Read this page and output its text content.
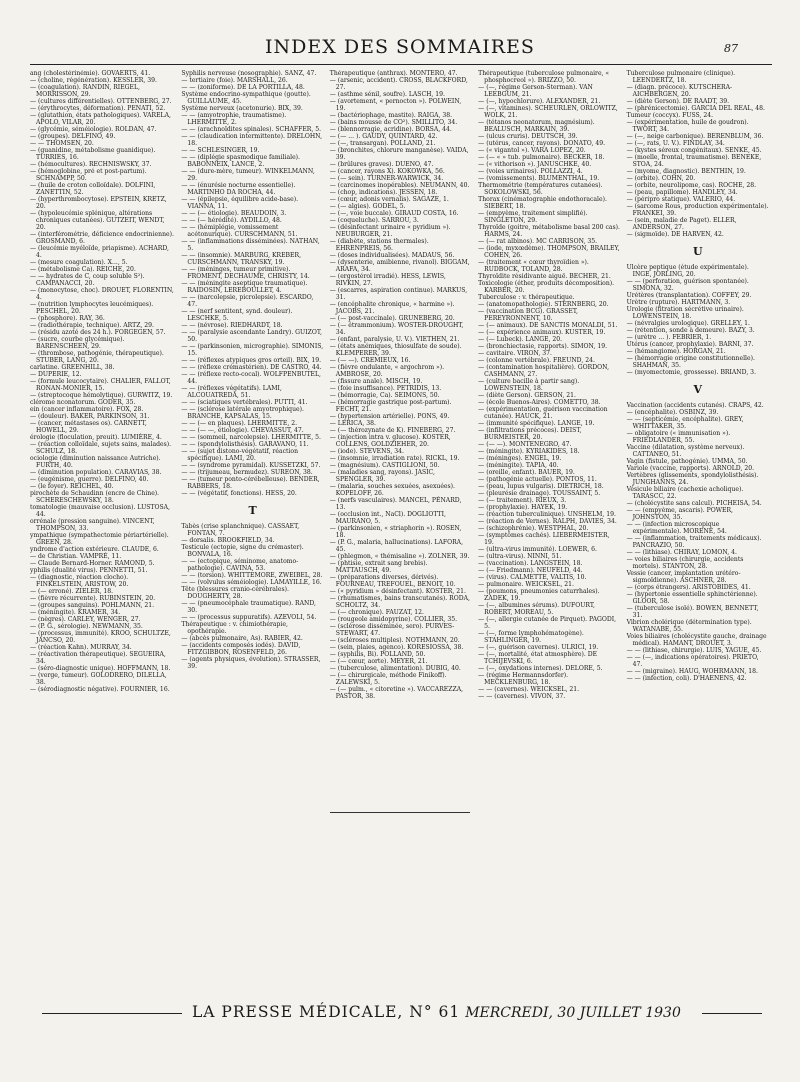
INDEX DES SOMMAIRES	87

ang (cholestérinémie). GOVAERTS, 41.

— (choline, régénération). KESSLER, 39.

— (coagulation). RANDIN, RIEGEL, MORRISSON, 29.

— (cultures différentielles). OTTENBERG, 27.

— (érythrocytes, déformation). PENATI, 52.

— (glutathion, états pathologiques). VARELA, APOLO, VILAR, 20.

— (glycémie, séméiologie). ROLDAN, 47.

— (groupes). DELFINO, 49.

— — THOMSEN, 20.

— (guanidine, métabolisme guanidique). TURRIES, 16.

— (hémocultures). RECHNISWSKY, 37.

— (hémoglobine, pré et post-partum). SCHNAMPP, 50.

— (huile de croton colloïdale). DOLFINI, ZANETTIN, 52.

— (hyperthrombocytose). EPSTEIN, KRETZ, 20.

— (hypoleucémie splénique, altérations chroniques cutanées). GUTZEIT, WENDT, 20.

— (interférométrie, déficience endocrinienne). GROSMAND, 6.

— (leucémie myéloïde, priapisme). ACHARD, 4.

— (mesure coagulation). X..., 5.

— (métabolisme Ca). REICHE, 20.

— — hydrates de C, coup soluble S²). CAMPANACCI, 20.

— (monocytose, choc). DROUET, FLORENTIN, 4.

— (nutrition lymphocytes leucémiques). PESCHEL, 20.

— (phosphore). RAY, 36.

— (radiothérapie, technique). ARTZ, 29.

— (résidu azoté des 24 h.). FORGEGEN, 57.

— (sucre, courbe glycémique). BARENSCHEEN, 29.

— (thrombose, pathogénie, thérapeutique). STUBER, LANG, 20.

carlatine. GREENHILL, 38.

— DUPERIE, 12.

— (formule leucocytaire). CHALIER, FALLOT, RONAN-MONIER, 15.

— (streptocoque hémolytique). GURWITZ, 19.

clérome nconatorum. GODER, 35.

ein (cancer inflammatoire). FOX, 28.

— (douleur). BAKER, PARKINSON, 31.

— (cancer, métastases os). CARNETT, HOWELL, 29.

érologie (floculation, preuit). LUMIÈRE, 4.

— (réaction colloïdale, sujets sains, malades). SCHULZ, 18.

ociologie (diminution naissance Autriche). FURTH, 40.

— (diminution population). CARAVIAS, 38.

— (eugénisme, guerre). DELFINO, 40.

— (le foyer). REICHEL, 40.

pirochète de Schaudinn (encre de Chine). SCHERESCHEWSKY, 18.

tomatologie (mauvaise occlusion). LUSTOSA, 44.

orrénale (pression sanguine). VINCENT, THOMPSON, 33.

ympathique (sympathectomie périartérielle). GREEN, 28.

yndrome d'action extérieure. CLAUDE, 6.

— de Christian. VAMPRÉ, 11.

— Claude Bernard-Horner. RAMOND, 5.

yphilis (dualité virus). PENNETTI, 51.

— (diagnostic, réaction clocho). FINKELSTEIN, ARISTOW, 20.

— (— erroné). ZIELER, 18.

— (fièvre récurrente). RUBINSTEIN, 20.

— (groupes sanguins). POHLMANN, 21.

— (méningite). KRAMER, 34.

— (nègres). CARLEY, WENGER, 27.

— (P. G., sérologie). NEWMANN, 35.

— (processus, immunité). KROO, SCHULTZE, JANCSO, 20.

— (réaction Kahn). MURRAY, 34.

— (réactivation thérapeutique). SEGUEIRA, 34.

— (séro-diagnostic unique). HOFFMANN, 18.

— (verge, tumeur). GOLODRERO, DILELLA, 38.

— (sérodiagnostic négative). FOURNIER, 16.

Syphilis nerveuse (nosographie). SANZ, 47.

— tertiaire (foie). MARSHALL, 26.

— — (zoniforme). DE LA PORTILLA, 48.

Système endocrino-sympathique (goutte). GUILLAUME, 45.

Système nerveux (acetonurie). BIX, 39.

— — (amyotrophie, traumatisme). LHERMITTE, 2.

— — (arachnoïdites spinales). SCHAFFER, 5.

— — (claudication intermittente). DRELOHN, 18.

— — SCHLESINGER, 19.

— — (diplégie spasmodique familiale). BABONNEIX, LANCE, 2.

— — (dure-mère, tumeur). WINKELMANN, 29.

— — (énurésie nocturne essentielle). MARTINHO DA ROCHA, 44.

— — (épilepsie, équilibre acide-base). VIANNA, 11.

— — (— étiologie). BEAUDOIN, 3.

— — (— hérédité). AYDILLO, 48.

— — (hémiplégie, vomissement acétonurique). CURSCHMANN, 51.

— — (inflammations disséminées). NATHAN, 5.

— — (insomnie). MARBURG, KREBER, CURSCHMANN, TRANSKY, 19.

— — (méninges, tumeur primitive). FROMENT, DECHAUME, CHRISTY, 14.

— — (méningite aseptique traumatique). RAIDOSIN, LEREBOULLET, 4.

— — (narcolepsie, picrolepsie). ESCARDO, 47.

— — (nerf sentitent, synd. douleur). LESCHKE, 5.

— — (névrose). RIEDHARDT, 18.

— — (paralysie ascendante Landry). GUIZOT, 50.

— — (parkinsonien, micrographie). SIMONIS, 15.

— — (réflexes atypiques gros orteil). BIX, 19.

— — (réflexe crémastérien). DE CASTRO, 44.

— — (réflexe recto-cocal). WOLFPENBUTEL, 44.

— — (réflexes végétatifs). LAMI, ALCOUATREDA, 51.

— — (sciatiques vertébrales). PUTTI, 41.

— — (sclérose latérale amyotrophique). BRANCHE, KAPSALAS, 15.

— — (— en plaques). LHERMITTE, 2.

— — (— —, étiologie). CHEVASSUT, 47.

— — (sommeil, narcolepsie). LHERMITTE, 5.

— — (spondylolisthésis). GARAVANO, 11.

— — (sujet distono-végétatif, réaction spécifique). LAMI, 20.

— — (syndrome pyramidal). KUSSETZKI, 57.

— — (trijumeau, bermudez). SUREON, 38.

— — (tumeur ponto-cérébelleuse). BENDER, RABBERS, 18.

— — (végétatif, fonctions). HESS, 20.

T

Tabès (crise splanchnique). CASSAET, FONTAN, 7.

— dorsalis. BROOKFIELD, 34.

Testicule (ectopie, signe du crémaster). BONVALA, 16.

— — (ectopique, séminome, anatomo-pathologie). CAVINA, 53.

— — (torsion). WHITTEMORE, ZWEIBEL, 28.

— — (volvulus séméiologie). LAMAYILLE, 16.

Tête (blessures cranio-cérébrales). DOUGHERTY, 28.

— — (pneumocéphale traumatique). RAND, 30.

— — (processus suppuratifs). AZEVOLI, 54.

Thérapeutique : v. chimiothérapie, opothérapie.

— (abcès pulmonaire, As). RABIER, 42.

— (accidents composés iodés). DAVID, FITZGIBBON, ROSENFELD, 26.

— (agents physiques, évolution). STRASSER, 39.

Thérapeutique (anthrax). MONTERO, 47.

— (arsenic, accident). CROSS, BLACKFORD, 27.

— (asthme sénil, soufre). LASCH, 19.

— (avortement, « pernocton »). POLWEIN, 19.

— (bactériophage, mastite). RAIGA, 38.

— (bains mousse de CO²). SMILLITO, 34.

— (blennorragie, acridine). BORSA, 44.

— (— ... ). GAUDY, QUINTARD, 42.

— (—, transargan). POLLAND, 21.

— (bronchites, chlorure manganèse). VAIDA, 39.

— (brûlures graves). DUENO, 47.

— (cancer, rayons X). KOKOWKA, 56.

— (— sein). TURNER-WARWICK, 34.

— (carcinomes inopérables). NEUMANN, 40.

— (chop, indications). JESSEN, 18.

— (cœur, adonis vernalis). SAGAZE, 1.

— (— algies). GODEL, 5.

— (—, voie buccale). GIRAUD COSTA, 16.

— (coqueluche). SARROU, 3.

— (désinfectant urinaire « pyridium »). NEUBURGER, 21.

— (diabète, stations thermales). EHRENPREIS, 56.

— (doses individualisées). MADAUS, 56.

— (dysenterie, amibienne, rivanol). BIGGAM, ARAFA, 34.

— (ergostérol irradié). HESS, LEWIS, RIVKIN, 27.

— (escarres, aspiration continue). MARKUS, 31.

— (encéphalite chronique, « harmine »). JACOBS, 21.

— (— post-vaccinale). GRUNEBERG, 20.

— (— étrammonium). WOSTER-DROUGHT, 34.

— (enfant, paralysie, U. V.). VIETHEN, 21.

— (états anémiques, thiosulfate de soude). KLEMPERER, 39.

— (— —). CREMIEUX, 16.

— (fièvre ondulante, « argochrom »). AMBROSE, 20.

— (fissure anale). MISCH, 19.

— (foie insuffisance). PETRIDIS, 13.

— (hémorragie, Ca). SEIMONS, 50.

— (hémorragie gastrique post-partum). FECHT, 21.

— (hypertension artérielle). PONS, 49.

— LERICA, 38.

— (— thérozynate de K). FINEBERG, 27.

— (injection intra v. glucose). KOSTER, COLLENS, GOLDZIEHER, 20.

— (iode). STEVENS, 34.

— (insomnie, irradiation rate). RICKL, 19.

— (magnésium). CASTIGLIONI, 50.

— (maladies sang, rayons). JASIC, SPENGLER, 39.

— (malaria, souches sexuées, asexuées). KOPELOFF, 26.

— (nerfs vasculaires). MANCEL, PÉNARD, 13.

— (occlusion int., NaCl). DOGLIOTTI, MAURANO, 5.

— (parkinsonien, « striaphorin »). ROSEN, 18.

— (P. G., malaria, hallucinations). LAFORA, 45.

— (phlegmon, « thémisaline »). ZOLNER, 39.

— (phtisie, extrait sang brebis). MATTAUSCH, 49.

— (préparations diverses, dérivés). FOURNEAU, TREFOUEL, BENOIT, 10.

— (« pyridium » désinfectant). KOSTER, 21.

— (rhumatismes, bains transcutanés). RODA, SCHOLTZ, 34.

— (— chronique). FAUZAT, 12.

— (rougeole amidopyrine). COLLIER, 35.

— (sclérose disséminée, sero). PURVES-STEWART, 47.

— (scléroses multiples). NOTHMANN, 20.

— (sein, plaies, agenco). KORESIOSSA, 38.

— (syphilis, Bi). POLLAND, 50.

— (— cœur, aorte). MEYER, 21.

— (tuberculose, alimentation). DUBIG, 40.

— (— chirurgicale, méthode Finikoff). ZALEWSKI, 5.

— (— pulm., « citoretine »). VACCAREZZA, PASTOR, 38.

Thérapeutique (tuberculose pulmonaire, « phosphocreol »). BRIZZO, 50.

— (—, régime Gerson-Sterman). VAN LEEBGUM, 21.

— (—, hypochlorure). ALEXANDER, 21.

— (—, vitamines). SCHEURLEN, ORLOWITZ, WOLK, 21.

— (tétanos neonatorum, magnésium). BEALUSCH, MARKAIN, 39.

— (ulcus cruris). DEUTSCH, 39.

— (utérus, cancer, rayons). DONATO, 49.

— (« vigantol »). VARA LOPEZ, 20.

— (— « » tub. pulmonaire). BECKER, 18.

— (« vithorison »). JANUSCHKE, 40.

— (voies urinaires). POLLAZZI, 4.

— (vomissements). BLUMENTHAL, 19.

Thermométrie (températures cutanées). SOKOLOWSKI, 56.

Thorax (cinématographie endothoracale). SIEBERT, 18.

— (empyème, traitement simplifié). SINGLETON, 29.

Thyroïde (goitre, métabolisme basal 200 cas). HARMS, 24.

— (— rat albinos). MC CARRISON, 35.

— (iode, myxœdème). THOMPSON, BRAILEY, COHEN, 26.

— (traitement « cœur thyroïdien »). RUDBOCK, TOLAND, 28.

Thyroïdite résidivante aiguë. BECHER, 21.

Toxicologie (éther, produits décomposition). KARBER, 20.

Tuberculose : v. thérapeutique.

— (anatomopathologie). STERNBERG, 20.

— (vaccination BCG). GRASSET, PEREYRONNENT, 10.

— (— animaux). DE SANCTIS MONALDI, 51.

— (— expérience animaux). KUSTER, 19.

— (— Lubeck). LANGE, 20.

— (bronchiectasie, rapports). SIMON, 19.

— cavitaire. VIRON, 37.

— (colonne vertébrale). FREUND, 24.

— (contamination hospitalière). GORDON, CASHMANN, 27.

— (culture bacille à partir sang). LOWENSTEIN, 18.

— (diète Gerson). GERSON, 21.

— (école Buenos-Aires). COMETTO, 38.

— (expérimentation, guérison vaccination cutanée). HAUCK, 21.

— (immunité spécifique). LANGE, 19.

— (infiltrations précoces). DEIST, BURMEISTER, 20.

— (— —). MONTENEGRO, 47.

— (méningite). KYRIAKIDES, 18.

— (méninges). ENGEL, 19.

— (méningite). TAPIA, 40.

— (oreille, enfant). BAUER, 19.

— (pathogénie actuelle). PONTOS, 11.

— (peau, lupus vulgaris). DIETRICH, 18.

— (pleurésie drainage). TOUSSAINT, 5.

— (— traitement). RIEUX, 3.

— (prophylaxie). HAYEK, 19.

— (réaction tuberculinique). UNSHELM, 19.

— (réaction de Vernes). RALPH, DAVIES, 34.

— (schizophrénie). WESTPHAL, 20.

— (symptômes cachés). LIEBERMEISTER, 19.

— (ultra-virus immunité). LOEWER, 6.

— (ultra-virus). NINNI, 51.

— (vaccination). LANGSTEIN, 18.

— (— Friedmann). NEUFELD, 44.

— (virus). CALMETTE, VALTIS, 10.

— pulmonaire. WEICKSEL, 21.

— (poumons, pneumonies caturrhales). ZADEK, 19.

— (—, albumines sérums). DUFOURT, ROBERT, MOREAU, 5.

— (—, allergie cutanée de Pirquet). PAGODI, 5.

— (—, forme lymphohématogène). STAHLINGER, 19.

— (—, guérison cavernes). ULRICI, 19.

— (—, mortalité, état atmosphère). DE TCHIJEVSKI, 6.

— (—, oxydations internes). DELORE, 5.

— (régime Hermannsdorfer). MECKLENBURG, 18.

— — (cavernes). WEICKSEL, 21.

— — (cavernes). VIVON, 37.

Tuberculose pulmonaire (clinique). LEENDERTZ, 18.

— (diagn. précoce). KUTSCHERA-AICHBERGEN, 20.

— (diète Gerson). DE RAADT, 39.

— (phrénicectomie). GARCIA DEL REAL, 48.

Tumeur (coccyx). FUSS, 24.

— (expérimentation, huile de goudron). TWORT, 34.

— (—, neige carbonique). BERENBLUM, 36.

— (—, rats, U. V.). FINDLAY, 34.

— (kystes séreux congénitaux). SENKE, 45.

— (moelle, frontal, traumatisme). BENEKE, STOA, 24.

— (myome, diagnostic). BENTHIN, 19.

— (orbite). COHN, 20.

— (orbite, neurolipome, cas). ROCHE, 28.

— (peau, papillome). HANDLEY, 34.

— (péripro statique). VALERIO, 44.

— (sarcome Rous, production expérimentale). FRANKEI, 39.

— (sein, maladie de Paget). ELLER, ANDERSON, 27.

— (sigmoïde). DE HARVEN, 42.

U

Ulcère peptique (étude expérimentale). INGE, JORLING, 20.

— — (perforation, guérison spontanée). SIMONA, 32.

Urétères (transplantation). COFFEY, 29.

Urètre (rupture). HARTMANN, 3.

Urologie (fitration sécrétive urinaire). LOWENSTEIN, 18.

— (névralgies urologique). GRELLEY, 1.

— (rétention, sonde à demeure). BAZY, 3.

— (urètre ... ). FEBRIER, 1.

Utérus (cancer, prophylaxie). BARNI, 37.

— (hémangiome). HORGAN, 21.

— (hémorragie origine constitutionnelle). SHAHMAN, 35.

— (myomectomie, grossesse). BRIAND, 3.

V

Vaccination (accidents cutanés). CRAPS, 42.

— (encéphalite). OSBINZ, 39.

— — (septicémie, encéphalite). GREY, WHITTAKER, 35.

— obligatoire (« immunisation »). FRIEDLANDER, 55.

Vaccine (dilatation, système nerveux). CATTANEO, 51.

Vagin (fistule, pathogénie). UMMA, 50.

Variole (vaccine, rapports). ARNOLD, 20.

Vertèbres (glissements, spondylolisthésis). JUNGHANNS, 24.

Vésicule biliaire (cachexie acholique). TARASCC, 22.

— (cholécystite sans calcul). PICHEISA, 54.

— — (empyème, ascaris). POWER, JOHNSTON, 35.

— — (infection microscopique expérimentale). MORENE, 54.

— — (inflammation, traitements médicaux). PANCRAZIO, 50.

— — (lithiase). CHIRAY, LOMON, 4.

— voies biliaires (chirurgie, accidents mortels). STANTON, 28.

Vessie (cancer, implantation urétéro-sigmoïdienne). ASCHNER, 28.

— (corps étrangers). ARISTOBIDES, 41.

— (hypertonie essentielle sphinctérienne). GLOOR, 58.

— (tuberculose isolé). BOWEN, BENNETT, 31.

Vibrion cholérique (détermination type). WATANABE, 55.

Voies biliaires (cholécystite gauche, drainage médical). HAMANT, DROUET, 3.

— — (lithiase, chirurgie). LUIS, YAGUE, 45.

— — (—, indications opératoires). PRIETO, 47.

— — (migraine). HAUG, WOHRMANN, 18.

— — (infection, coli). D'HAENENS, 42.

LA PRESSE MÉDICALE, N° 61 MERCREDI, 30 JUILLET 1930
